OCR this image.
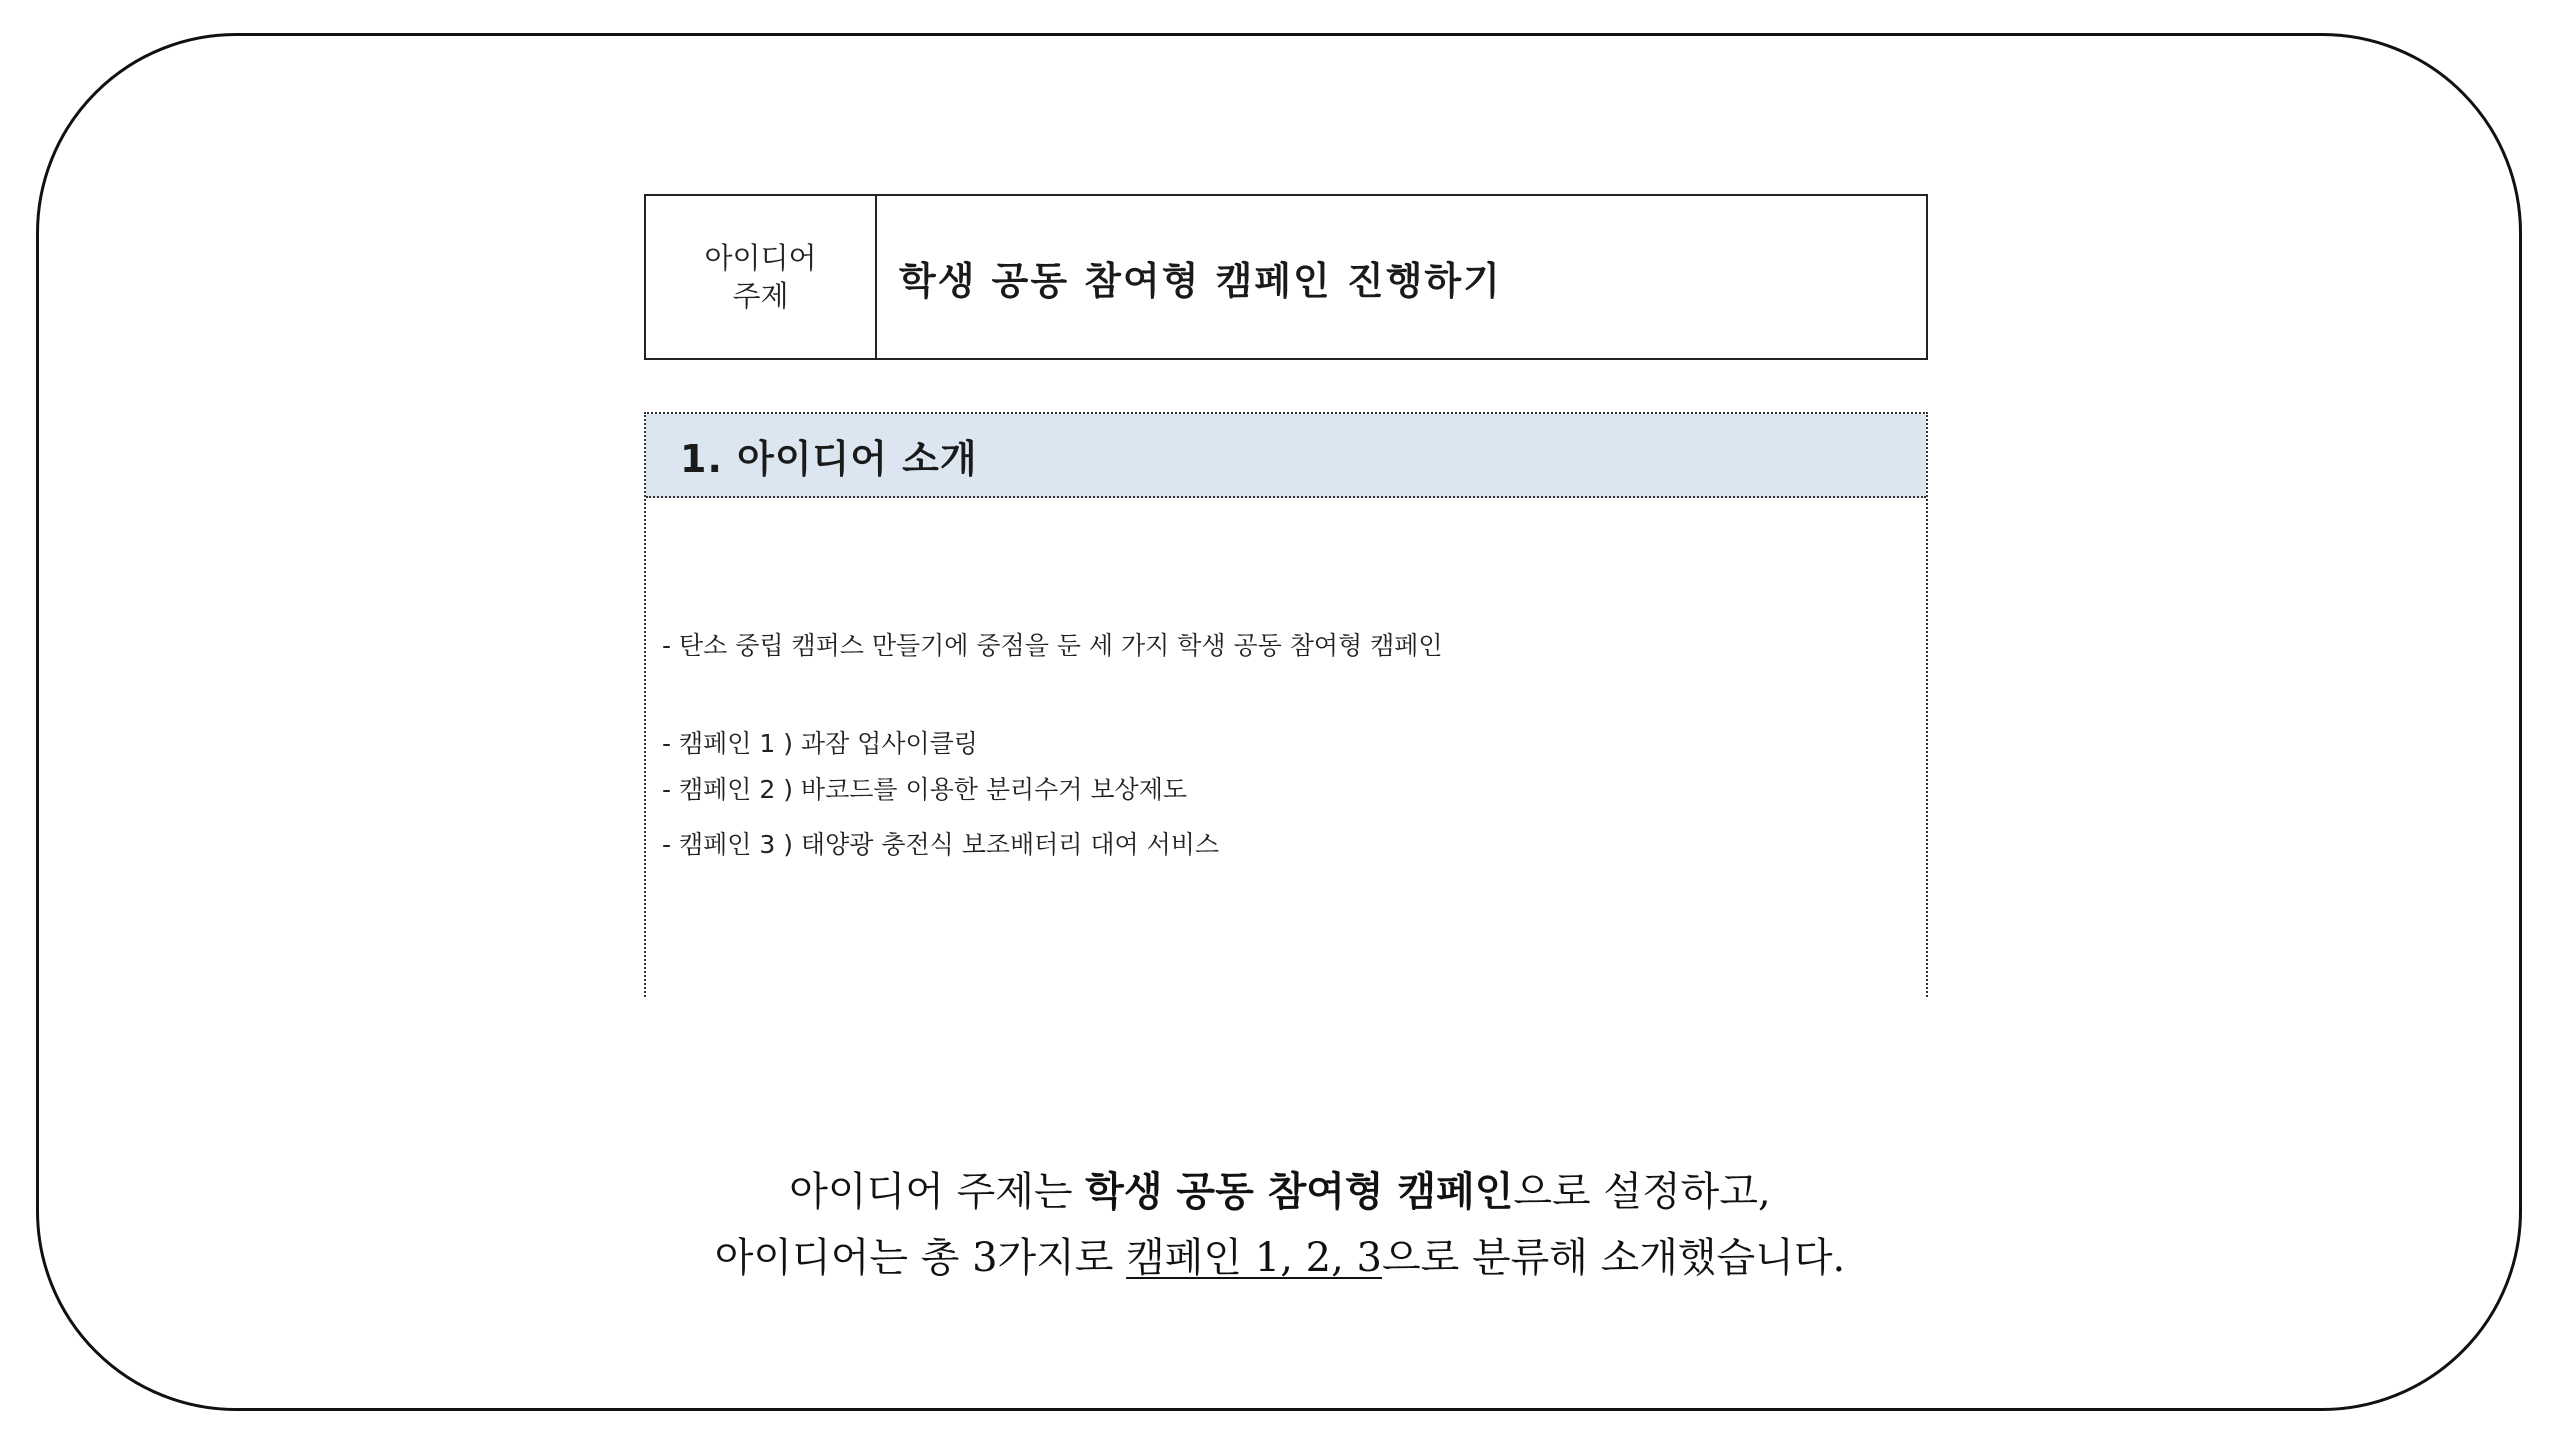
아이디어
주제	학생 공동 참여형 캠페인 진행하기
1. 아이디어 소개
- 탄소 중립 캠퍼스 만들기에 중점을 둔 세 가지 학생 공동 참여형 캠페인
- 캠페인 1 ) 과잠 업사이클링
- 캠페인 2 ) 바코드를 이용한 분리수거 보상제도
- 캠페인 3 ) 태양광 충전식 보조배터리 대여 서비스
아이디어 주제는 학생 공동 참여형 캠페인으로 설정하고,
아이디어는 총 3가지로 캠페인 1, 2, 3으로 분류해 소개했습니다.
